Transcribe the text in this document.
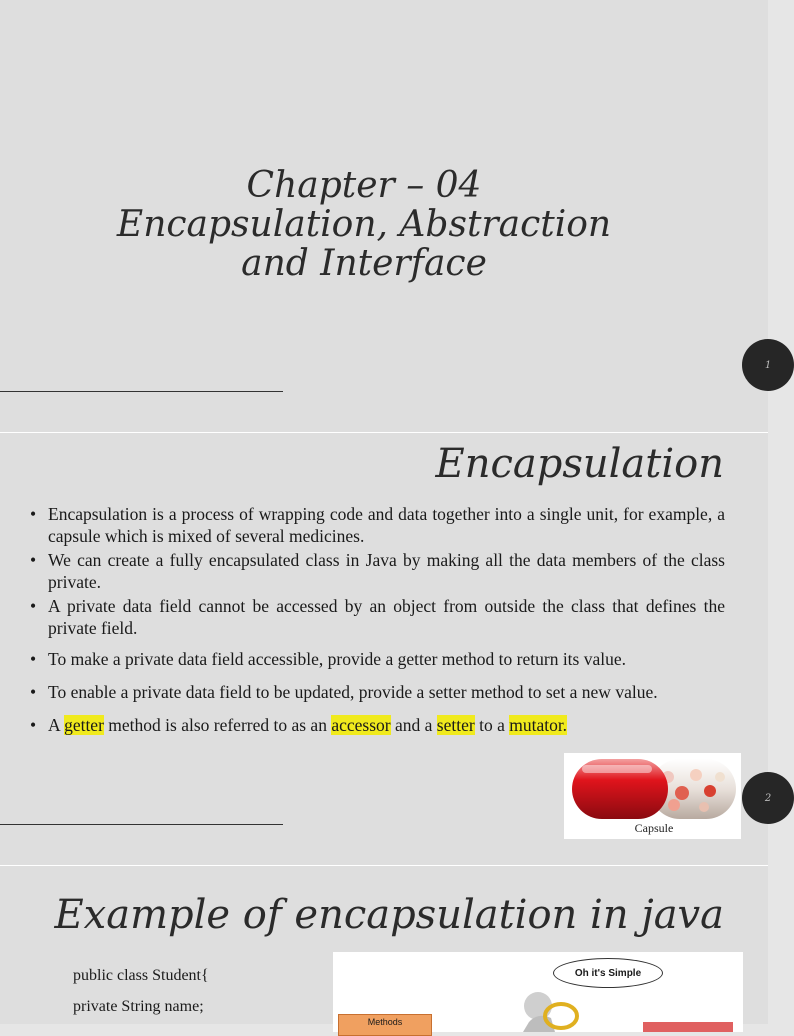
Chapter – 04
Encapsulation, Abstraction
and Interface
1
Encapsulation
• Encapsulation is a process of wrapping code and data together into a single unit, for example, a capsule which is mixed of several medicines.
• We can create a fully encapsulated class in Java by making all the data members of the class private.
• A private data field cannot be accessed by an object from outside the class that defines the private field.
• To make a private data field accessible, provide a getter method to return its value.
• To enable a private data field to be updated, provide a setter method to set a new value.
• A getter method is also referred to as an accessor and a setter to a mutator.
Capsule
2
Example of encapsulation in java
public class Student{
private String name;
Oh it's Simple
Methods
